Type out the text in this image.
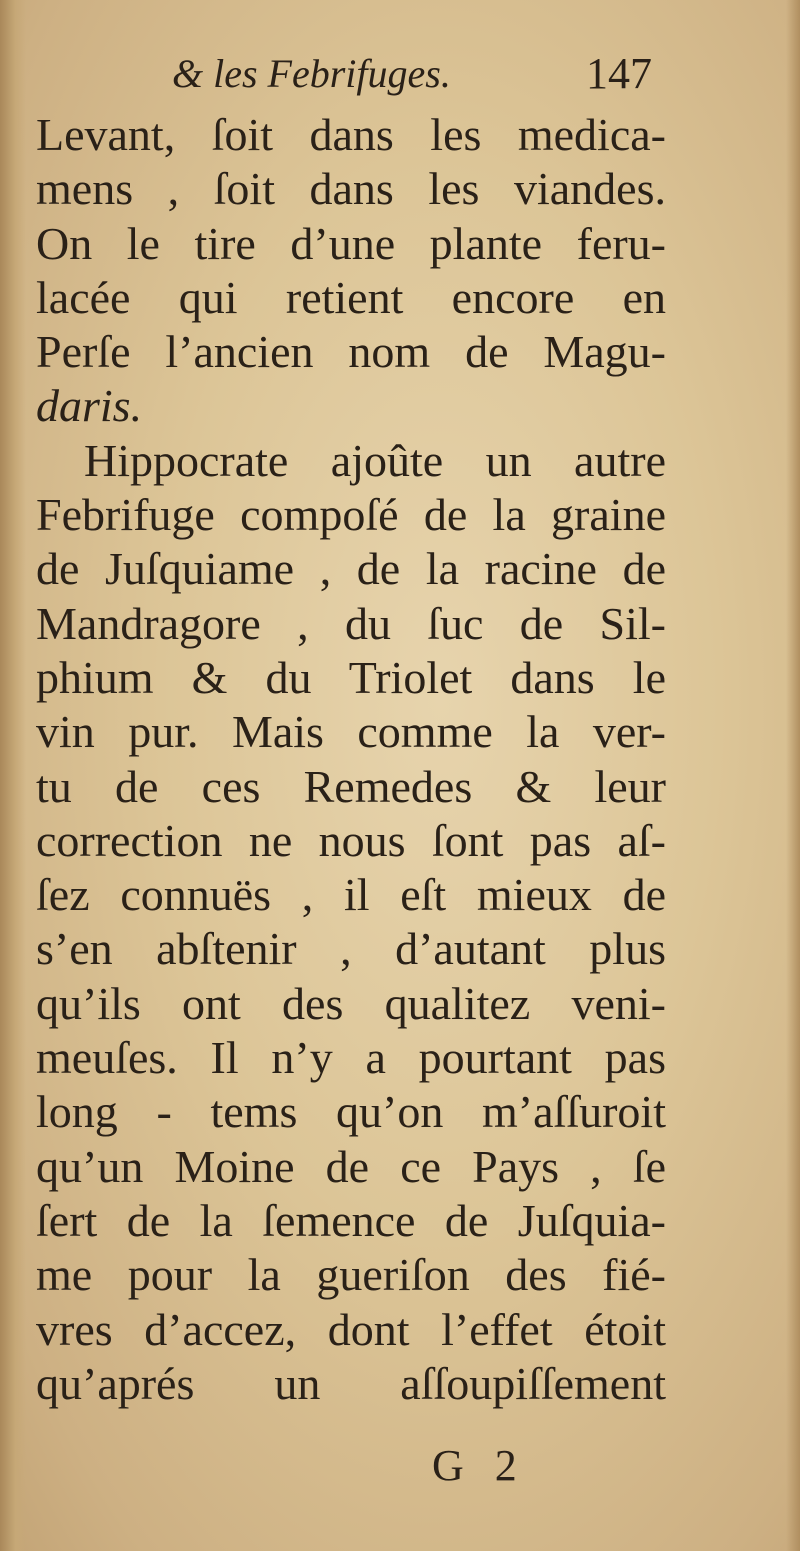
& les Febrifuges.	147
Levant, ſoit dans les medica-
mens , ſoit dans les viandes.
On le tire d’une plante feru-
lacée qui retient encore en
Perſe l’ancien nom de Magu-
daris.
Hippocrate ajoûte un autre
Febrifuge compoſé de la graine
de Juſquiame , de la racine de
Mandragore , du ſuc de Sil-
phium & du Triolet dans le
vin pur. Mais comme la ver-
tu de ces Remedes & leur
correction ne nous ſont pas aſ-
ſez connuës , il eſt mieux de
s’en abſtenir , d’autant plus
qu’ils ont des qualitez veni-
meuſes. Il n’y a pourtant pas
long - tems qu’on m’aſſuroit
qu’un Moine de ce Pays , ſe
ſert de la ſemence de Juſquia-
me pour la gueriſon des fié-
vres d’accez, dont l’effet étoit
qu’aprés un aſſoupiſſement
G 2
